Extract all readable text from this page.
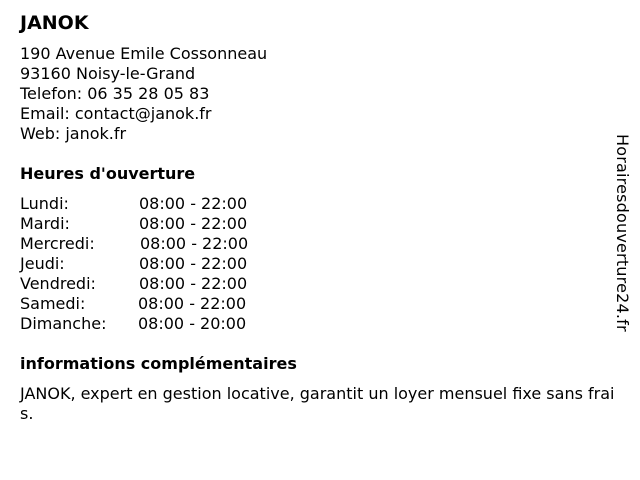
JANOK
190 Avenue Emile Cossonneau
93160 Noisy-le-Grand
Telefon: 06 35 28 05 83
Email: contact@janok.fr
Web: janok.fr
Heures d'ouverture
Lundi:	08:00 - 22:00
Mardi:	08:00 - 22:00
Mercredi:	08:00 - 22:00
Jeudi:	08:00 - 22:00
Vendredi:	08:00 - 22:00
Samedi:	08:00 - 22:00
Dimanche: 08:00 - 20:00
informations complémentaires
JANOK, expert en gestion locative, garantit un loyer mensuel fixe sans frais.
Horairesdouverture24.fr
